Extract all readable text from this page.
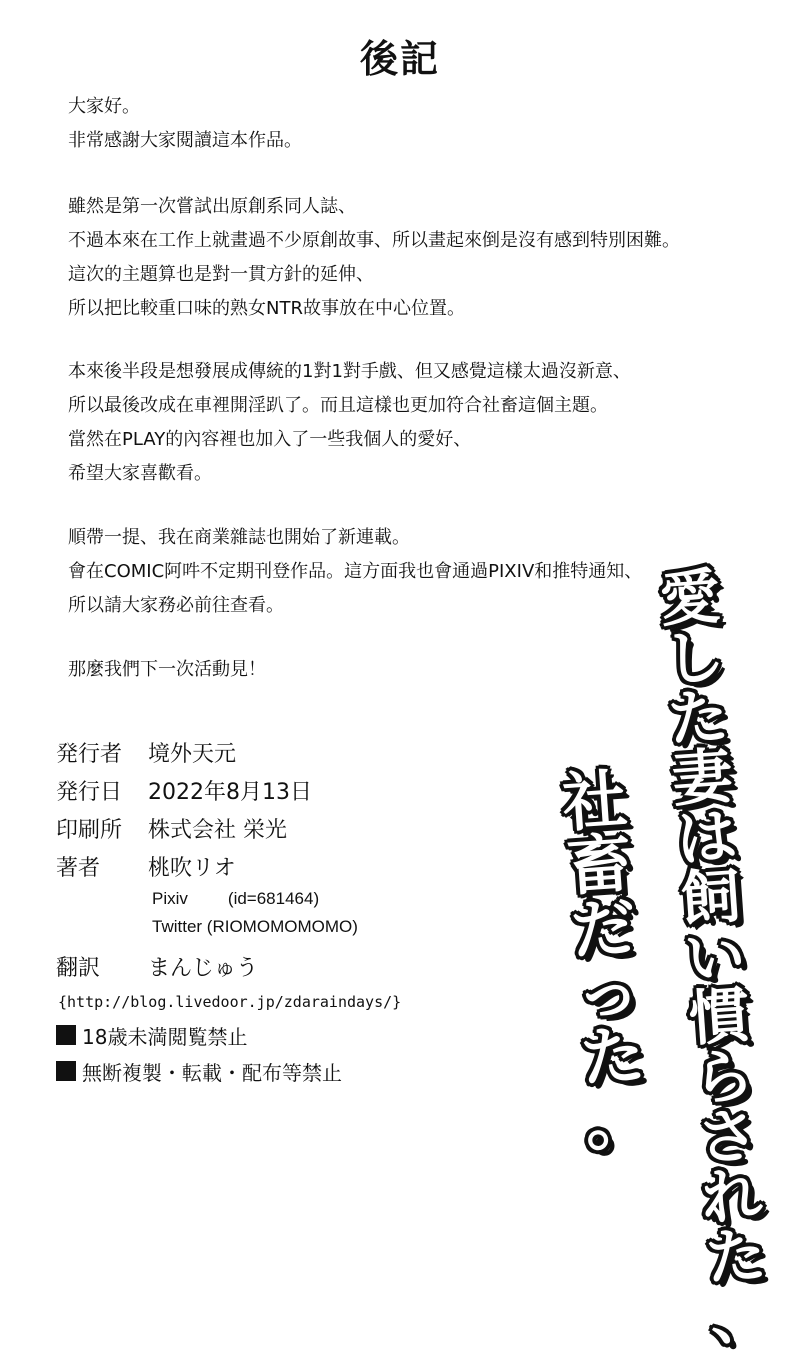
後記
大家好。
非常感謝大家閱讀這本作品。
雖然是第一次嘗試出原創系同人誌、
不過本來在工作上就畫過不少原創故事、所以畫起來倒是沒有感到特別困難。
這次的主題算也是對一貫方針的延伸、
所以把比較重口味的熟女NTR故事放在中心位置。
本來後半段是想發展成傳統的1對1對手戲、但又感覺這樣太過沒新意、
所以最後改成在車裡開淫趴了。而且這樣也更加符合社畜這個主題。
當然在PLAY的內容裡也加入了一些我個人的愛好、
希望大家喜歡看。
順帶一提、我在商業雜誌也開始了新連載。
會在COMIC阿吽不定期刊登作品。這方面我也會通過PIXIV和推特通知、
所以請大家務必前往查看。
那麼我們下一次活動見！
発行者	境外天元
発行日	2022年8月13日
印刷所	株式会社 栄光
著者	桃吹リオ
Pixiv (id=681464)
Twitter (RIOMOMOMOMO)
翻訳	まんじゅう
{http://blog.livedoor.jp/zdaraindays/}
18歳未満閲覧禁止
無断複製・転載・配布等禁止
愛
し
た
妻
は
飼
い
慣
ら
さ
れ
た
、
社
畜
だ
っ
た
。
